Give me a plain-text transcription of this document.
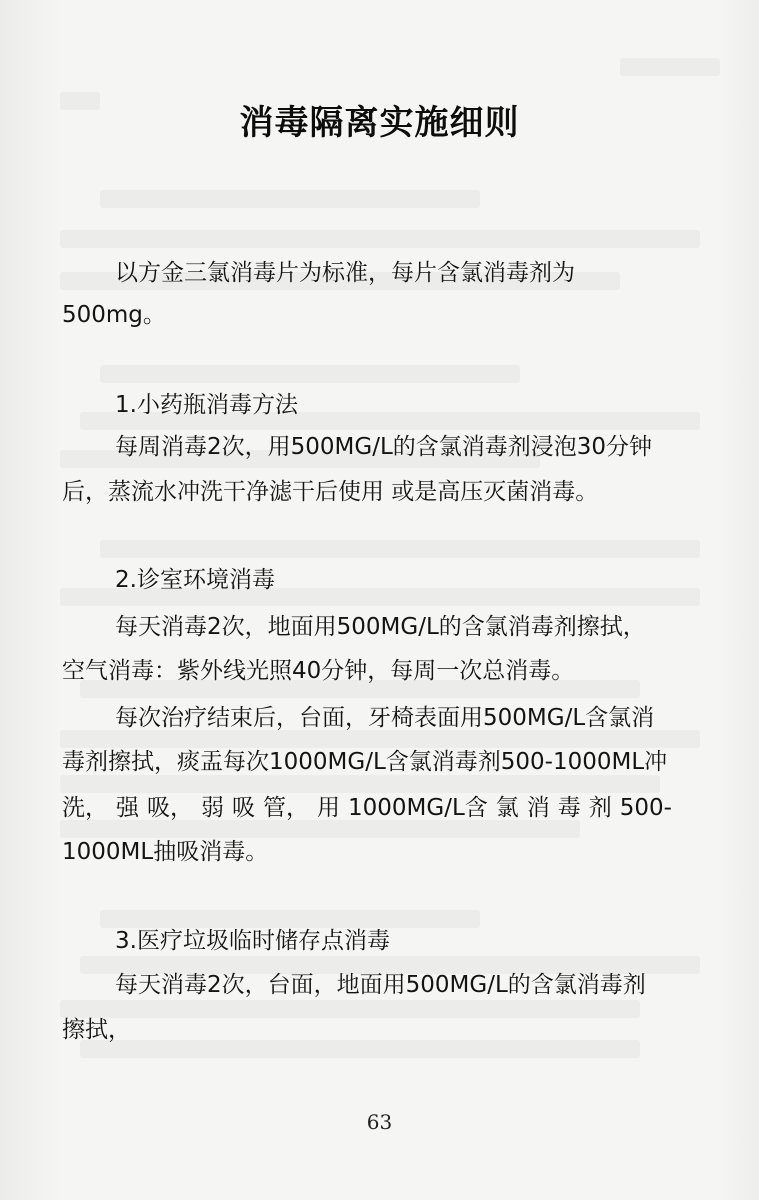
消毒隔离实施细则
以方金三氯消毒片为标准，每片含氯消毒剂为
500mg。
1.小药瓶消毒方法
每周消毒2次，用500MG/L的含氯消毒剂浸泡30分钟
后，蒸流水冲洗干净滤干后使用 或是高压灭菌消毒。
2.诊室环境消毒
每天消毒2次，地面用500MG/L的含氯消毒剂擦拭，
空气消毒：紫外线光照40分钟，每周一次总消毒。
每次治疗结束后，台面，牙椅表面用500MG/L含氯消
毒剂擦拭，痰盂每次1000MG/L含氯消毒剂500-1000ML冲
洗， 强 吸， 弱 吸 管， 用 1000MG/L含 氯 消 毒 剂 500-
1000ML抽吸消毒。
3.医疗垃圾临时储存点消毒
每天消毒2次，台面，地面用500MG/L的含氯消毒剂
擦拭，
63
